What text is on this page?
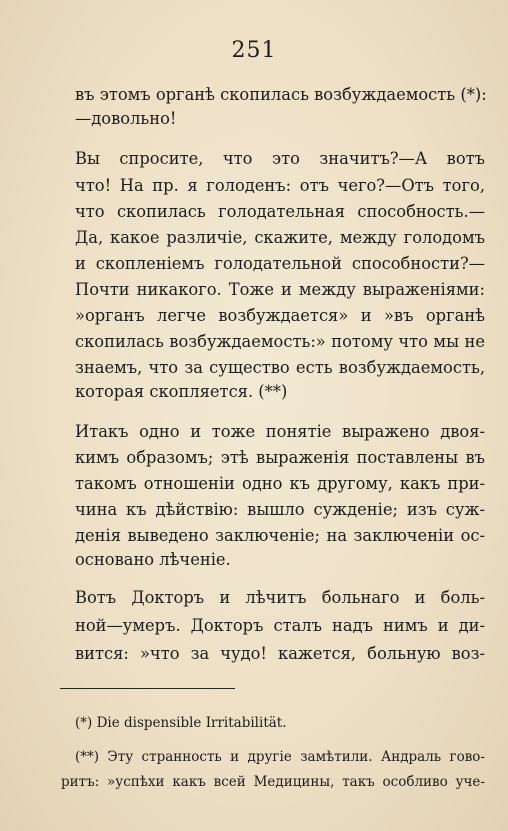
251
въ этомъ органѣ скопилась возбуждаемость (*):
—довольно!
Вы спросите, что это значитъ?—А вотъ
что! На пр. я голоденъ: отъ чего?—Отъ того,
что скопилась голодательная способность.—
Да, какое различіе, скажите, между голодомъ
и скопленіемъ голодательной способности?—
Почти никакого. Тоже и между выраженіями:
»органъ легче возбуждается» и »въ органѣ
скопилась возбуждаемость:» потому что мы не
знаемъ, что за существо есть возбуждаемость,
которая скопляется. (**)
Итакъ одно и тоже понятіе выражено двоя-
кимъ образомъ; этѣ выраженія поставлены въ
такомъ отношеніи одно къ другому, какъ при-
чина къ дѣйствію: вышло сужденіе; изъ суж-
денія выведено заключеніе; на заключеніи ос-
основано лѣченіе.
Вотъ Докторъ и лѣчитъ больнаго и боль-
ной—умеръ. Докторъ сталъ надъ нимъ и ди-
вится: »что за чудо! кажется, больную воз-
(*) Die dispensible Irritabilität.
(**) Эту странность и другіе замѣтили. Андраль гово-
ритъ: »успѣхи какъ всей Медицины, такъ особливо уче-
